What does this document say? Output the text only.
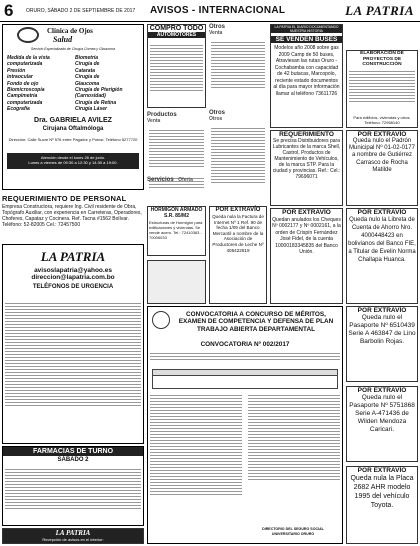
6	ORURO, SÁBADO 2 DE SEPTIEMBRE DE 2017 AVISOS - INTERNACIONAL	LA PATRIA
Clínica de Ojos
Salud
Servicio Especializado de Cirugía Córnea y Glaucoma
Medida de la vista
computarizada
Presión
intraocular
Fondo de ojo
Biomicroscopía
Campimetría
computarizada
Ecografía
Biometría
Cirugía de
Catarata
Cirugía de
Glaucoma
Cirugía de Pterigión
(Carnosidad)
Cirugía de Retina
Cirugía Láser
Dra. GABRIELA AVILEZ
Cirujana Oftalmóloga
Dirección: Calle Sucre Nº 576 entre Pagador y Potosí. Teléfono 5277720
Atención desde el lunes 28 de junio.
Lunes a viernes de 09:30 a 12:30 y 14:30 a 19:00.
REQUERIMIENTO DE PERSONAL
Empresa Constructora, requiere Ing. Civil residente de Obra, Topógrafo Auxiliar, con experiencia en Carreteras, Operadores, Choferes, Capataz y Cocinera. Ref. Tacna #1562 Bolívar. Teléfono: 52-82005 Cel.: 72457500
LA PATRIA
avisoslapatria@yahoo.es
direccion@lapatria.com.bo
TELÉFONOS DE URGENCIA
FARMACIAS DE TURNO
SÁBADO 2
LA PATRIA
Recepción de avisos en el interior:
COMPRO TODO
AUTOMOTORES
Productos
Venta
Servicios Oferta
HORMIGÓN ARMADO S.R. 85/M2
Estructuras de Hormigón para edificaciones y viviendas. Se vende acero. Tel.: 72410363 - 70006033
Otros
Venta
Otros
Otros
POR EXTRAVÍO
Queda nula la Factura de Internet Nº 1 Ref. 90 de fecha 1/09 del Banco Mercantil a nombre de la Asociación de Productores de Leche Nº 405422819
LA PATRIA EL DIARIO DOCUMENTANDO NUESTRA HISTORIA
SE VENDEN BUSES
Modelos año 2008 sobre gas 2009 Camp de 50 buses, Atraviesan las rutas Oruro - Cochabamba con capacidad de 42 butacas, Marcopolo, reciente estado documentos al día para mayor información llamar al teléfono 73611726
REQUERIMIENTO
Se precisa Distribuidores para Lubricantes de la marca Shell, Castrol, Productos de Mantenimiento de Vehículos, de la marca STP. Para la ciudad y provincias. Ref.: Cel.: 79696071
POR EXTRAVÍO
Quedan anulados los Cheques Nº 0002177 y Nº 0002161, a la orden de Crispín Fernández José Fidel, de la cuenta 10000183345835 del Banco Unión.
ELABORACIÓN DE PROYECTOS DE CONSTRUCCIÓN
Para edificios, viviendas y otros. Teléfono: 72958140
POR EXTRAVÍO
Queda nulo el Padrón Municipal Nº 01-02-0177 a nombre de Gutiérrez Carrasco de Rocha Matilde
POR EXTRAVÍO
Queda nulo la Libreta de Cuenta de Ahorro Nro. 4000448423 en bolivianos del Banco FIE, a Titular de Evelin Norma Challapa Huanca.
CONVOCATORIA A CONCURSO DE MÉRITOS, EXAMEN DE COMPETENCIA Y DEFENSA DE PLAN TRABAJO ABIERTA DEPARTAMENTAL
CONVOCATORIA Nº 002/2017
DIRECTORIO DEL SEGURO SOCIAL UNIVERSITARIO ORURO
POR EXTRAVÍO
Queda nulo el Pasaporte Nº 6510439 Serie A 463847 de Lino Barbolin Rojas.
POR EXTRAVÍO
Queda nulo el Pasaporte Nº 5751868 Serie A-471436 de Wilden Mendoza Caricari.
POR EXTRAVÍO
Queda nula la Placa 2682 AHR modelo 1995 del vehículo Toyota.
